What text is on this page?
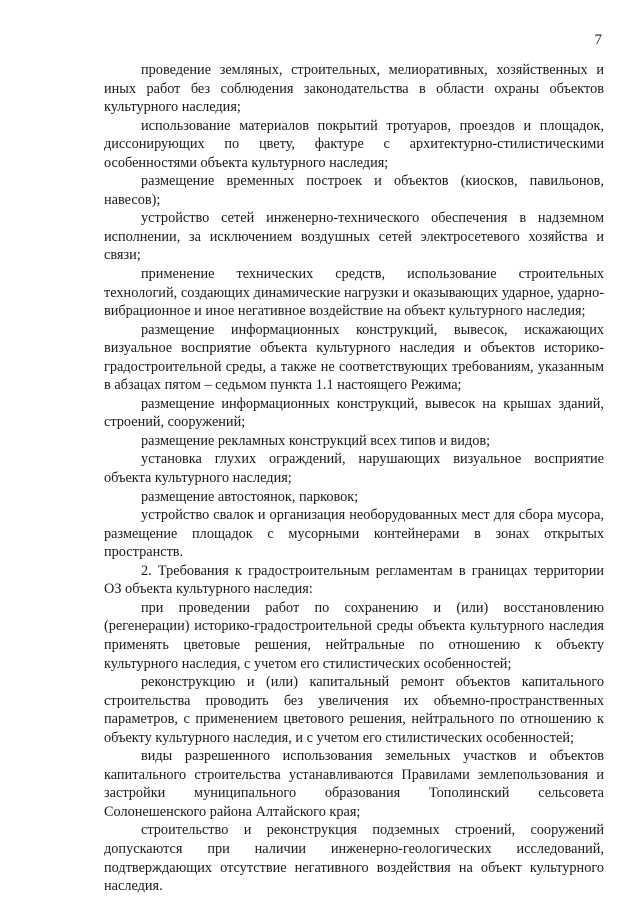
7

проведение земляных, строительных, мелиоративных, хозяйственных и иных работ без соблюдения законодательства в области охраны объектов культурного наследия;

использование материалов покрытий тротуаров, проездов и площадок, диссонирующих по цвету, фактуре с архитектурно-стилистическими особенностями объекта культурного наследия;

размещение временных построек и объектов (киосков, павильонов, навесов);

устройство сетей инженерно-технического обеспечения в надземном исполнении, за исключением воздушных сетей электросетевого хозяйства и связи;

применение технических средств, использование строительных технологий, создающих динамические нагрузки и оказывающих ударное, ударно-вибрационное и иное негативное воздействие на объект культурного наследия;

размещение информационных конструкций, вывесок, искажающих визуальное восприятие объекта культурного наследия и объектов историко-градостроительной среды, а также не соответствующих требованиям, указанным в абзацах пятом – седьмом пункта 1.1 настоящего Режима;

размещение информационных конструкций, вывесок на крышах зданий, строений, сооружений;

размещение рекламных конструкций всех типов и видов;

установка глухих ограждений, нарушающих визуальное восприятие объекта культурного наследия;

размещение автостоянок, парковок;

устройство свалок и организация необорудованных мест для сбора мусора, размещение площадок с мусорными контейнерами в зонах открытых пространств.

2. Требования к градостроительным регламентам в границах территории ОЗ объекта культурного наследия:

при проведении работ по сохранению и (или) восстановлению (регенерации) историко-градостроительной среды объекта культурного наследия применять цветовые решения, нейтральные по отношению к объекту культурного наследия, с учетом его стилистических особенностей;

реконструкцию и (или) капитальный ремонт объектов капитального строительства проводить без увеличения их объемно-пространственных параметров, с применением цветового решения, нейтрального по отношению к объекту культурного наследия, и с учетом его стилистических особенностей;

виды разрешенного использования земельных участков и объектов капитального строительства устанавливаются Правилами землепользования и застройки муниципального образования Тополинский сельсовета Солонешенского района Алтайского края;

строительство и реконструкция подземных строений, сооружений допускаются при наличии инженерно-геологических исследований, подтверждающих отсутствие негативного воздействия на объект культурного наследия.
